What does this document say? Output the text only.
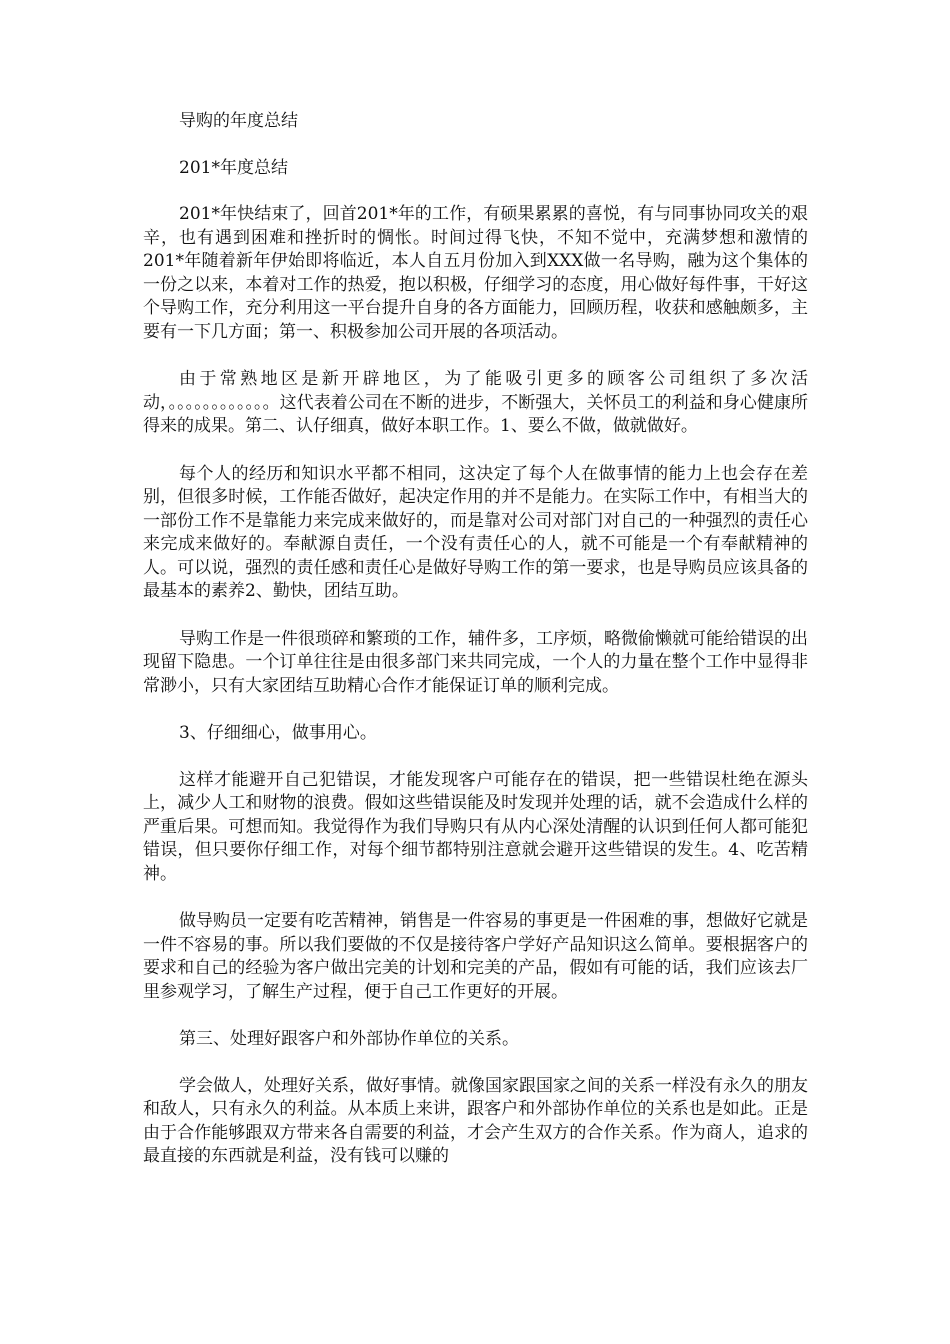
导购的年度总结

201*年度总结

201*年快结束了，回首201*年的工作，有硕果累累的喜悦，有与同事协同攻关的艰辛，也有遇到困难和挫折时的惆怅。时间过得飞快，不知不觉中，充满梦想和激情的201*年随着新年伊始即将临近，本人自五月份加入到XXX做一名导购，融为这个集体的一份之以来，本着对工作的热爱，抱以积极，仔细学习的态度，用心做好每件事，干好这个导购工作，充分利用这一平台提升自身的各方面能力，回顾历程，收获和感触颇多，主要有一下几方面；第一、积极参加公司开展的各项活动。

由于常熟地区是新开辟地区，为了能吸引更多的顾客公司组织了多次活动，。。。。。。。。。。。。这代表着公司在不断的进步，不断强大，关怀员工的利益和身心健康所得来的成果。第二、认仔细真，做好本职工作。1、要么不做，做就做好。

每个人的经历和知识水平都不相同，这决定了每个人在做事情的能力上也会存在差别，但很多时候，工作能否做好，起决定作用的并不是能力。在实际工作中，有相当大的一部份工作不是靠能力来完成来做好的，而是靠对公司对部门对自己的一种强烈的责任心来完成来做好的。奉献源自责任，一个没有责任心的人，就不可能是一个有奉献精神的人。可以说，强烈的责任感和责任心是做好导购工作的第一要求，也是导购员应该具备的最基本的素养2、勤快，团结互助。

导购工作是一件很琐碎和繁琐的工作，辅件多，工序烦，略微偷懒就可能给错误的出现留下隐患。一个订单往往是由很多部门来共同完成，一个人的力量在整个工作中显得非常渺小，只有大家团结互助精心合作才能保证订单的顺利完成。

3、仔细细心，做事用心。

这样才能避开自己犯错误，才能发现客户可能存在的错误，把一些错误杜绝在源头上，减少人工和财物的浪费。假如这些错误能及时发现并处理的话，就不会造成什么样的严重后果。可想而知。我觉得作为我们导购只有从内心深处清醒的认识到任何人都可能犯错误，但只要你仔细工作，对每个细节都特别注意就会避开这些错误的发生。4、吃苦精神。

做导购员一定要有吃苦精神，销售是一件容易的事更是一件困难的事，想做好它就是一件不容易的事。所以我们要做的不仅是接待客户学好产品知识这么简单。要根据客户的要求和自己的经验为客户做出完美的计划和完美的产品，假如有可能的话，我们应该去厂里参观学习，了解生产过程，便于自己工作更好的开展。

第三、处理好跟客户和外部协作单位的关系。

学会做人，处理好关系，做好事情。就像国家跟国家之间的关系一样没有永久的朋友和敌人，只有永久的利益。从本质上来讲，跟客户和外部协作单位的关系也是如此。正是由于合作能够跟双方带来各自需要的利益，才会产生双方的合作关系。作为商人，追求的最直接的东西就是利益，没有钱可以赚的
